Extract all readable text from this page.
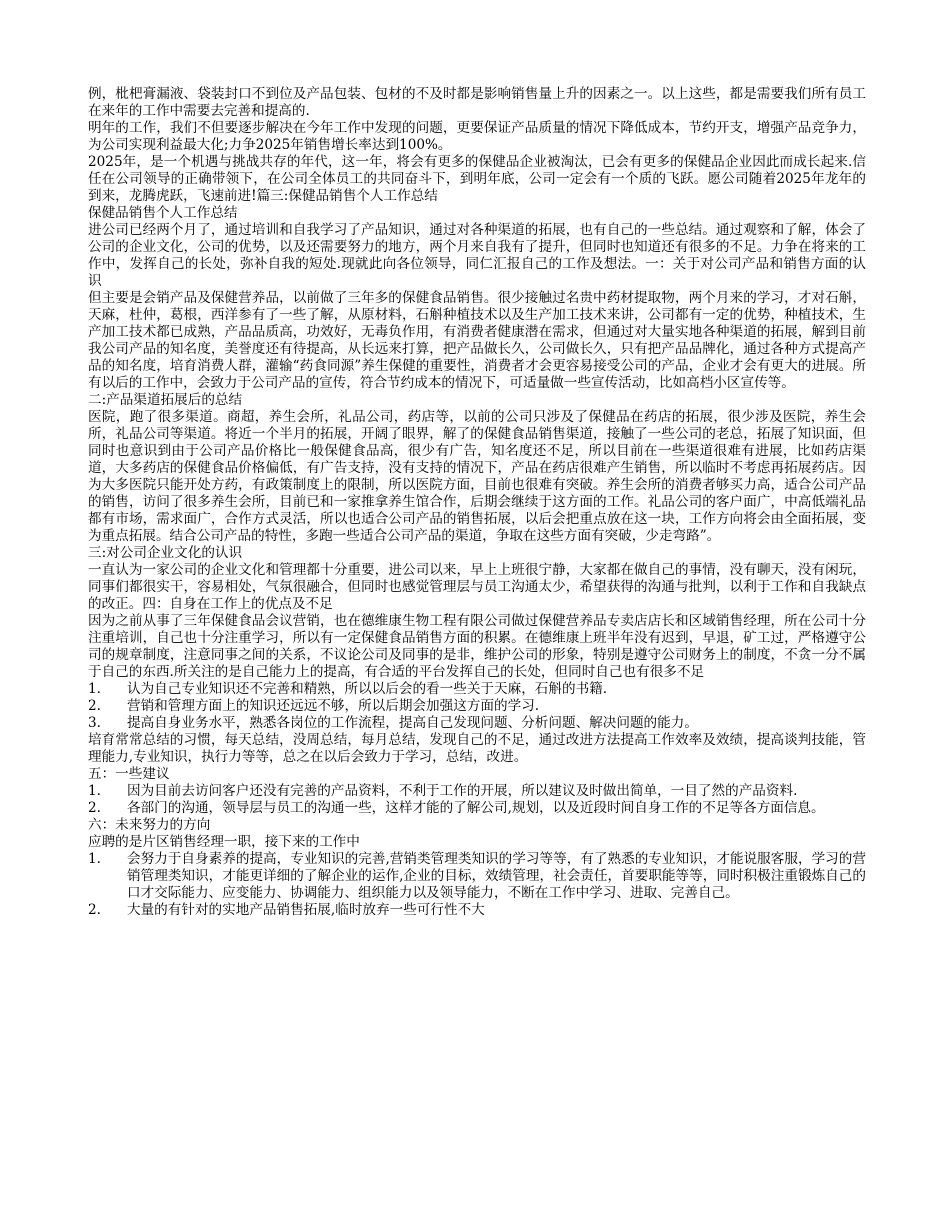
例，枇杷膏漏液、袋装封口不到位及产品包装、包材的不及时都是影响销售量上升的因素之一。以上这些，都是需要我们所有员工在来年的工作中需要去完善和提高的.

明年的工作，我们不但要逐步解决在今年工作中发现的问题，更要保证产品质量的情况下降低成本，节约开支，增强产品竞争力，为公司实现利益最大化;力争2025年销售增长率达到100%。

2025年，是一个机遇与挑战共存的年代，这一年，将会有更多的保健品企业被淘汰，已会有更多的保健品企业因此而成长起来.信任在公司领导的正确带领下，在公司全体员工的共同奋斗下，到明年底，公司一定会有一个质的飞跃。愿公司随着2025年龙年的到来，龙腾虎跃，飞速前进!篇三:保健品销售个人工作总结

保健品销售个人工作总结

进公司已经两个月了，通过培训和自我学习了产品知识，通过对各种渠道的拓展，也有自己的一些总结。通过观察和了解，体会了公司的企业文化，公司的优势，以及还需要努力的地方，两个月来自我有了提升，但同时也知道还有很多的不足。力争在将来的工作中，发挥自己的长处，弥补自我的短处.现就此向各位领导，同仁汇报自己的工作及想法。一：关于对公司产品和销售方面的认识

但主要是会销产品及保健营养品，以前做了三年多的保健食品销售。很少接触过名贵中药材提取物，两个月来的学习，才对石斛，天麻，杜仲，葛根，西洋参有了一些了解，从原材料，石斛种植技术以及生产加工技术来讲，公司都有一定的优势，种植技术，生产加工技术都已成熟，产品品质高，功效好，无毒负作用，有消费者健康潜在需求，但通过对大量实地各种渠道的拓展，解到目前我公司产品的知名度，美誉度还有待提高，从长远来打算，把产品做长久，公司做长久，只有把产品品牌化，通过各种方式提高产品的知名度，培育消费人群，灌输“药食同源”养生保健的重要性，消费者才会更容易接受公司的产品，企业才会有更大的进展。所有以后的工作中，会致力于公司产品的宣传，符合节约成本的情况下，可适量做一些宣传活动，比如高档小区宣传等。

二:产品渠道拓展后的总结

医院，跑了很多渠道。商超，养生会所，礼品公司，药店等，以前的公司只涉及了保健品在药店的拓展，很少涉及医院，养生会所，礼品公司等渠道。将近一个半月的拓展，开阔了眼界，解了的保健食品销售渠道，接触了一些公司的老总，拓展了知识面，但同时也意识到由于公司产品价格比一般保健食品高，很少有广告，知名度还不足，所以目前在一些渠道很难有进展，比如药店渠道，大多药店的保健食品价格偏低，有广告支持，没有支持的情况下，产品在药店很难产生销售，所以临时不考虑再拓展药店。因为大多医院只能开处方药，有政策制度上的限制，所以医院方面，目前也很难有突破。养生会所的消费者够买力高，适合公司产品的销售，访问了很多养生会所，目前已和一家推拿养生馆合作，后期会继续于这方面的工作。礼品公司的客户面广，中高低端礼品都有市场，需求面广，合作方式灵活，所以也适合公司产品的销售拓展，以后会把重点放在这一块，工作方向将会由全面拓展，变为重点拓展。结合公司产品的特性，多跑一些适合公司产品的渠道，争取在这些方面有突破，少走弯路”。

三:对公司企业文化的认识

一直认为一家公司的企业文化和管理都十分重要，进公司以来，早上上班很宁静，大家都在做自己的事情，没有聊天，没有闲玩，同事们都很实干，容易相处，气氛很融合，但同时也感觉管理层与员工沟通太少，希望获得的沟通与批判，以利于工作和自我缺点的改正。四：自身在工作上的优点及不足

因为之前从事了三年保健食品会议营销，也在德维康生物工程有限公司做过保健营养品专卖店店长和区域销售经理，所在公司十分注重培训，自己也十分注重学习，所以有一定保健食品销售方面的积累。在德维康上班半年没有迟到，早退，矿工过，严格遵守公司的规章制度，注意同事之间的关系，不议论公司及同事的是非，维护公司的形象，特别是遵守公司财务上的制度，不贪一分不属于自己的东西.所关注的是自己能力上的提高，有合适的平台发挥自己的长处，但同时自己也有很多不足

1. 认为自己专业知识还不完善和精熟，所以以后会的看一些关于天麻，石斛的书籍.
2. 营销和管理方面上的知识还远远不够，所以后期会加强这方面的学习.
3. 提高自身业务水平，熟悉各岗位的工作流程，提高自己发现问题、分析问题、解决问题的能力。

培育常常总结的习惯，每天总结，没周总结，每月总结，发现自己的不足，通过改进方法提高工作效率及效绩，提高谈判技能，管理能力,专业知识，执行力等等，总之在以后会致力于学习，总结，改进。

五：一些建议

1. 因为目前去访问客户还没有完善的产品资料，不利于工作的开展，所以建议及时做出简单，一目了然的产品资料.
2. 各部门的沟通，领导层与员工的沟通一些，这样才能的了解公司,规划，以及近段时间自身工作的不足等各方面信息。

六：未来努力的方向

应聘的是片区销售经理一职，接下来的工作中

1. 会努力于自身素养的提高，专业知识的完善,营销类管理类知识的学习等等，有了熟悉的专业知识，才能说服客服，学习的营销管理类知识，才能更详细的了解企业的运作,企业的目标，效绩管理，社会责任，首要职能等等，同时积极注重锻炼自己的口才交际能力、应变能力、协调能力、组织能力以及领导能力，不断在工作中学习、进取、完善自己。
2. 大量的有针对的实地产品销售拓展,临时放弃一些可行性不大
